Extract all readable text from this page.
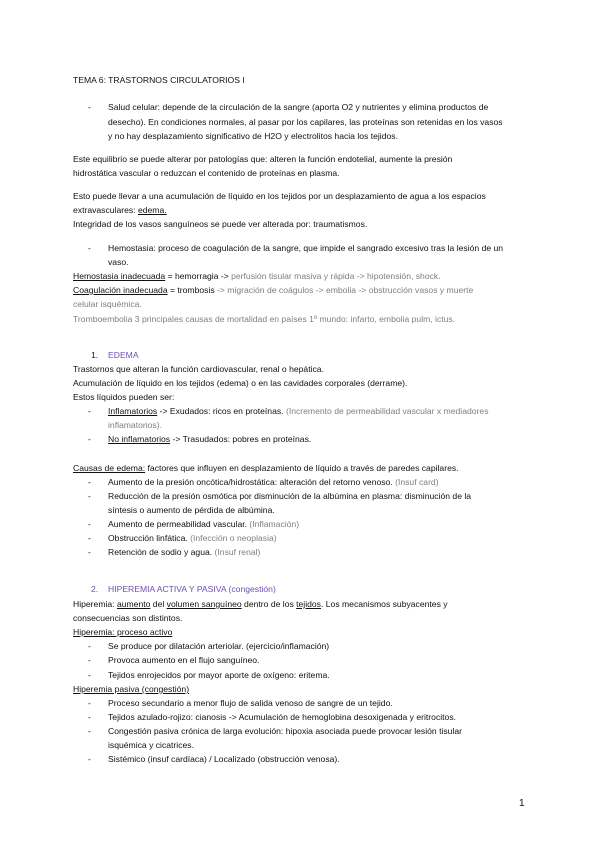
TEMA 6: TRASTORNOS CIRCULATORIOS I
- Salud celular: depende de la circulación de la sangre (aporta O2 y nutrientes y elimina productos de
desecho). En condiciones normales, al pasar por los capilares, las proteínas son retenidas en los vasos
y no hay desplazamiento significativo de H2O y electrolitos hacia los tejidos.
Este equilibrio se puede alterar por patologías que: alteren la función endotelial, aumente la presión
hidrostática vascular o reduzcan el contenido de proteínas en plasma.
Esto puede llevar a una acumulación de líquido en los tejidos por un desplazamiento de agua a los espacios
extravasculares: edema.
Integridad de los vasos sanguíneos se puede ver alterada por: traumatismos.
- Hemostasia: proceso de coagulación de la sangre, que impide el sangrado excesivo tras la lesión de un
vaso.
Hemostasia inadecuada = hemorragia -> perfusión tisular masiva y rápida -> hipotensión, shock.
Coagulación inadecuada = trombosis -> migración de coágulos -> embolia -> obstrucción vasos y muerte
celular isquémica.
Tromboembolia 3 principales causas de mortalidad en países 1º mundo: infarto, embolia pulm, ictus.
1. EDEMA
Trastornos que alteran la función cardiovascular, renal o hepática.
Acumulación de líquido en los tejidos (edema) o en las cavidades corporales (derrame).
Estos líquidos pueden ser:
- Inflamatorios -> Exudados: ricos en proteínas. (Incremento de permeabilidad vascular x mediadores
inflamatorios).
- No inflamatorios -> Trasudados: pobres en proteínas.
Causas de edema: factores que influyen en desplazamiento de líquido a través de paredes capilares.
- Aumento de la presión oncótica/hidrostática: alteración del retorno venoso. (Insuf card)
- Reducción de la presión osmótica por disminución de la albúmina en plasma: disminución de la
síntesis o aumento de pérdida de albúmina.
- Aumento de permeabilidad vascular. (Inflamación)
- Obstrucción linfática. (Infección o neoplasia)
- Retención de sodio y agua. (Insuf renal)
2. HIPEREMIA ACTIVA Y PASIVA (congestión)
Hiperemia: aumento del volumen sanguíneo dentro de los tejidos. Los mecanismos subyacentes y
consecuencias son distintos.
Hiperemia: proceso activo
- Se produce por dilatación arteriolar. (ejercicio/inflamación)
- Provoca aumento en el flujo sanguíneo.
- Tejidos enrojecidos por mayor aporte de oxígeno: eritema.
Hiperemia pasiva (congestión)
- Proceso secundario a menor flujo de salida venoso de sangre de un tejido.
- Tejidos azulado-rojizo: cianosis -> Acumulación de hemoglobina desoxigenada y eritrocitos.
- Congestión pasiva crónica de larga evolución: hipoxia asociada puede provocar lesión tisular
isquémica y cicatrices.
- Sistémico (insuf cardíaca) / Localizado (obstrucción venosa).
1
